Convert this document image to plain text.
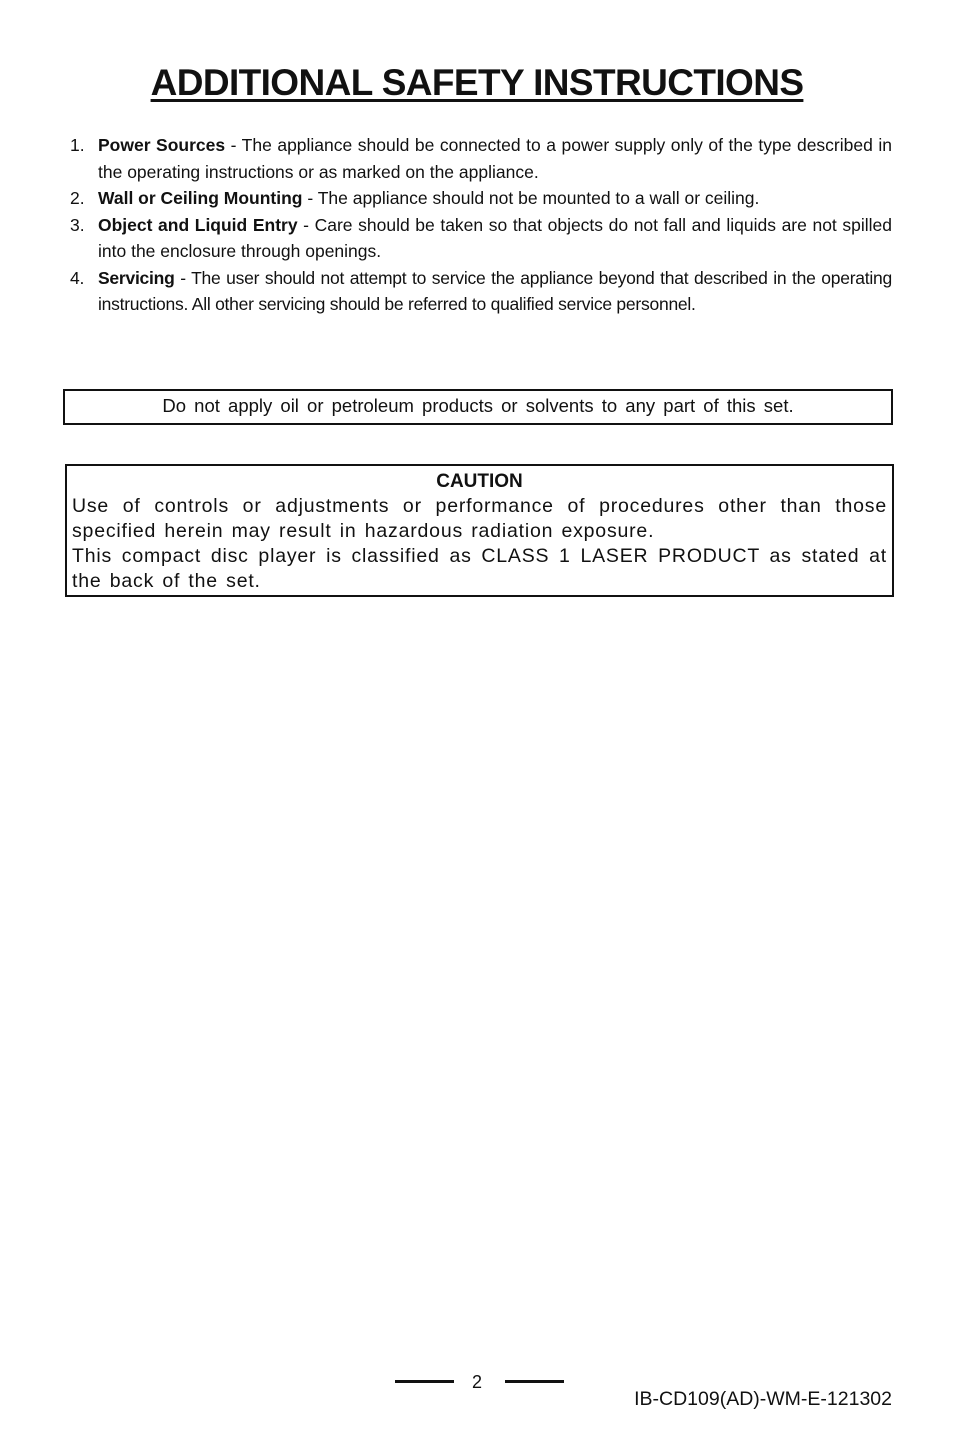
ADDITIONAL SAFETY INSTRUCTIONS
1. Power Sources - The appliance should be connected to a power supply only of the type described in the operating instructions or as marked on the appliance.
2. Wall or Ceiling Mounting - The appliance should not be mounted to a wall or ceiling.
3. Object and Liquid Entry - Care should be taken so that objects do not fall and liquids are not spilled into the enclosure through openings.
4. Servicing - The user should not attempt to service the appliance beyond that described in the operating instructions. All other servicing should be referred to qualified service personnel.
Do not apply oil or petroleum products or solvents to any part of this set.
CAUTION

Use of controls or adjustments or performance of procedures other than those specified herein may result in hazardous radiation exposure.

This compact disc player is classified as CLASS 1 LASER PRODUCT as stated at the back of the set.

2
IB-CD109(AD)-WM-E-121302
